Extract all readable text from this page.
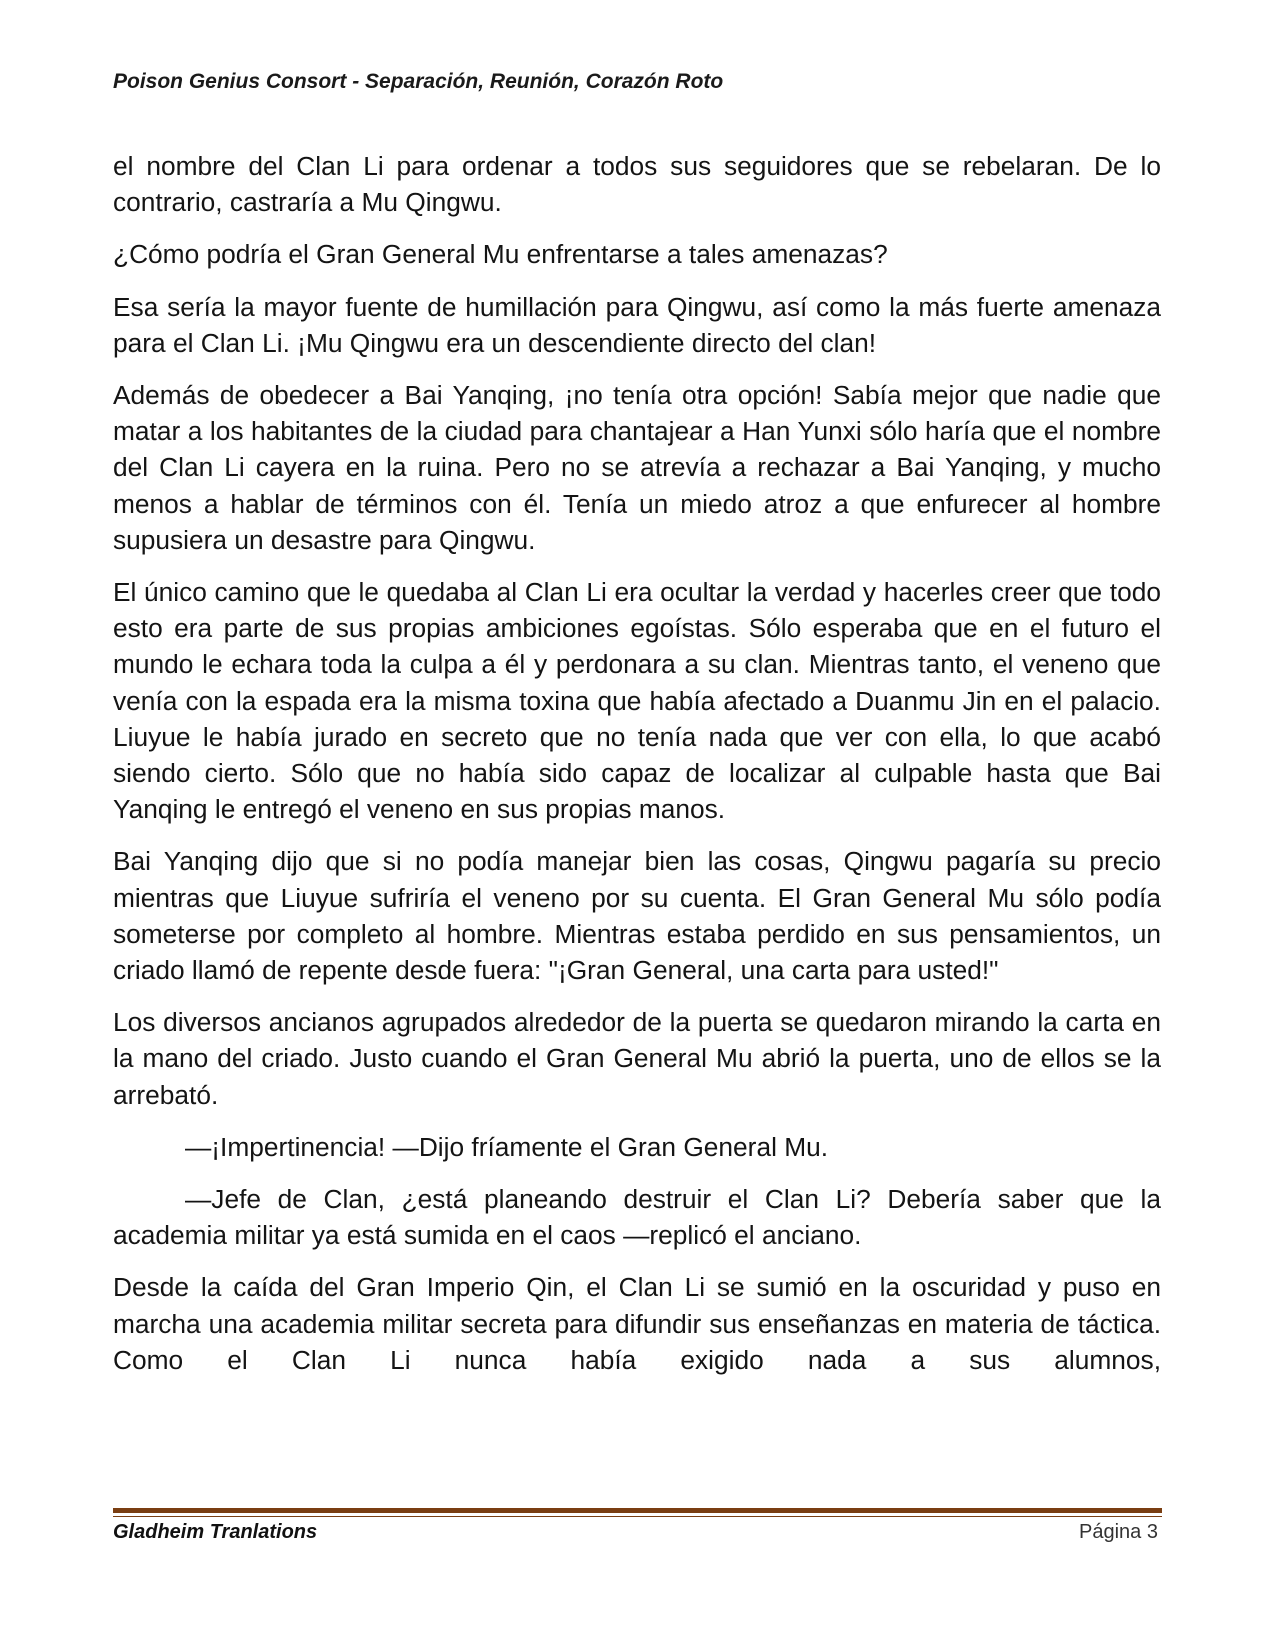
Poison Genius Consort - Separación, Reunión, Corazón Roto

el nombre del Clan Li para ordenar a todos sus seguidores que se rebelaran. De lo contrario, castraría a Mu Qingwu.

¿Cómo podría el Gran General Mu enfrentarse a tales amenazas?

Esa sería la mayor fuente de humillación para Qingwu, así como la más fuerte amenaza para el Clan Li. ¡Mu Qingwu era un descendiente directo del clan!

Además de obedecer a Bai Yanqing, ¡no tenía otra opción! Sabía mejor que nadie que matar a los habitantes de la ciudad para chantajear a Han Yunxi sólo haría que el nombre del Clan Li cayera en la ruina. Pero no se atrevía a rechazar a Bai Yanqing, y mucho menos a hablar de términos con él. Tenía un miedo atroz a que enfurecer al hombre supusiera un desastre para Qingwu.

El único camino que le quedaba al Clan Li era ocultar la verdad y hacerles creer que todo esto era parte de sus propias ambiciones egoístas. Sólo esperaba que en el futuro el mundo le echara toda la culpa a él y perdonara a su clan. Mientras tanto, el veneno que venía con la espada era la misma toxina que había afectado a Duanmu Jin en el palacio. Liuyue le había jurado en secreto que no tenía nada que ver con ella, lo que acabó siendo cierto. Sólo que no había sido capaz de localizar al culpable hasta que Bai Yanqing le entregó el veneno en sus propias manos.

Bai Yanqing dijo que si no podía manejar bien las cosas, Qingwu pagaría su precio mientras que Liuyue sufriría el veneno por su cuenta. El Gran General Mu sólo podía someterse por completo al hombre. Mientras estaba perdido en sus pensamientos, un criado llamó de repente desde fuera: "¡Gran General, una carta para usted!"

Los diversos ancianos agrupados alrededor de la puerta se quedaron mirando la carta en la mano del criado. Justo cuando el Gran General Mu abrió la puerta, uno de ellos se la arrebató.

—¡Impertinencia! —Dijo fríamente el Gran General Mu.

—Jefe de Clan, ¿está planeando destruir el Clan Li? Debería saber que la academia militar ya está sumida en el caos —replicó el anciano.

Desde la caída del Gran Imperio Qin, el Clan Li se sumió en la oscuridad y puso en marcha una academia militar secreta para difundir sus enseñanzas en materia de táctica. Como el Clan Li nunca había exigido nada a sus alumnos,

Gladheim Tranlations	Página 3
